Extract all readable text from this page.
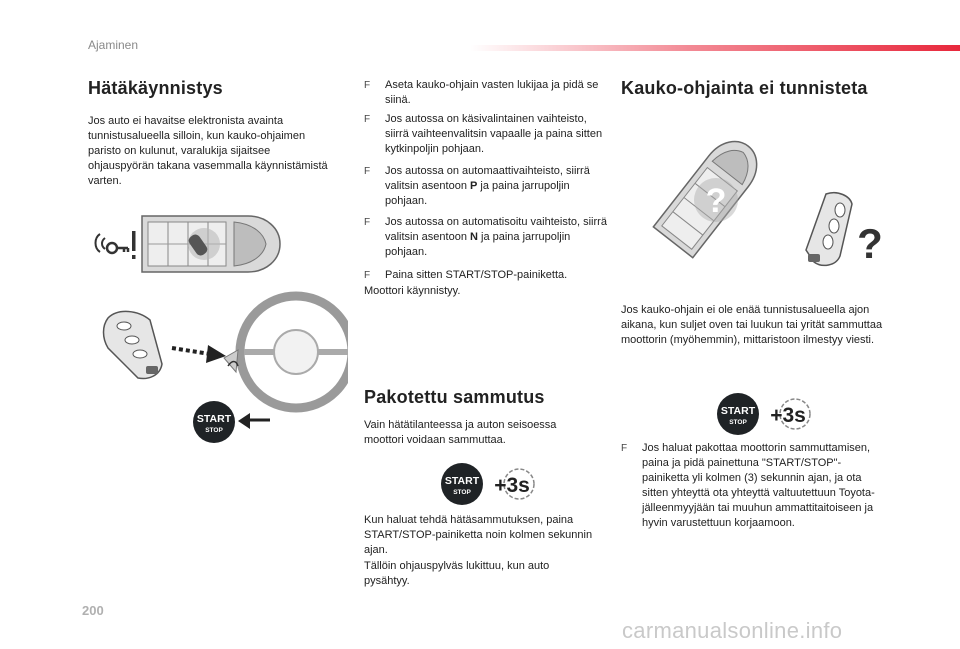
Ajaminen
Hätäkäynnistys
Jos auto ei havaitse elektronista avainta tunnistusalueella silloin, kun kauko-ohjaimen paristo on kulunut, varalukija sijaitsee ohjauspyörän takana vasemmalla käynnistämistä varten.
START
STOP
F	Aseta kauko-ohjain vasten lukijaa ja pidä se siinä.
F	Jos autossa on käsivalintainen vaihteisto, siirrä vaihteenvalitsin vapaalle ja paina sitten kytkinpoljin pohjaan.
F	Jos autossa on automaattivaihteisto, siirrä valitsin asentoon P ja paina jarrupoljin pohjaan.
F	Jos autossa on automatisoitu vaihteisto, siirrä valitsin asentoon N ja paina jarrupoljin pohjaan.
F	Paina sitten START/STOP-painiketta.
Moottori käynnistyy.
Pakotettu sammutus
Vain hätätilanteessa ja auton seisoessa moottori voidaan sammuttaa.
START
STOP +3s
Kun haluat tehdä hätäsammutuksen, paina START/STOP-painiketta noin kolmen sekunnin ajan.
Tällöin ohjauspylväs lukittuu, kun auto pysähtyy.
Kauko-ohjainta ei tunnisteta
?
?
Jos kauko-ohjain ei ole enää tunnistusalueella ajon aikana, kun suljet oven tai luukun tai yrität sammuttaa moottorin (myöhemmin), mittaristoon ilmestyy viesti.
START
STOP +3s
F	Jos haluat pakottaa moottorin sammuttamisen, paina ja pidä painettuna "START/STOP"-painiketta yli kolmen (3) sekunnin ajan, ja ota sitten yhteyttä ota yhteyttä valtuutettuun Toyota-jälleenmyyjään tai muuhun ammattitaitoiseen ja hyvin varustettuun korjaamoon.
200
carmanualsonline.info
